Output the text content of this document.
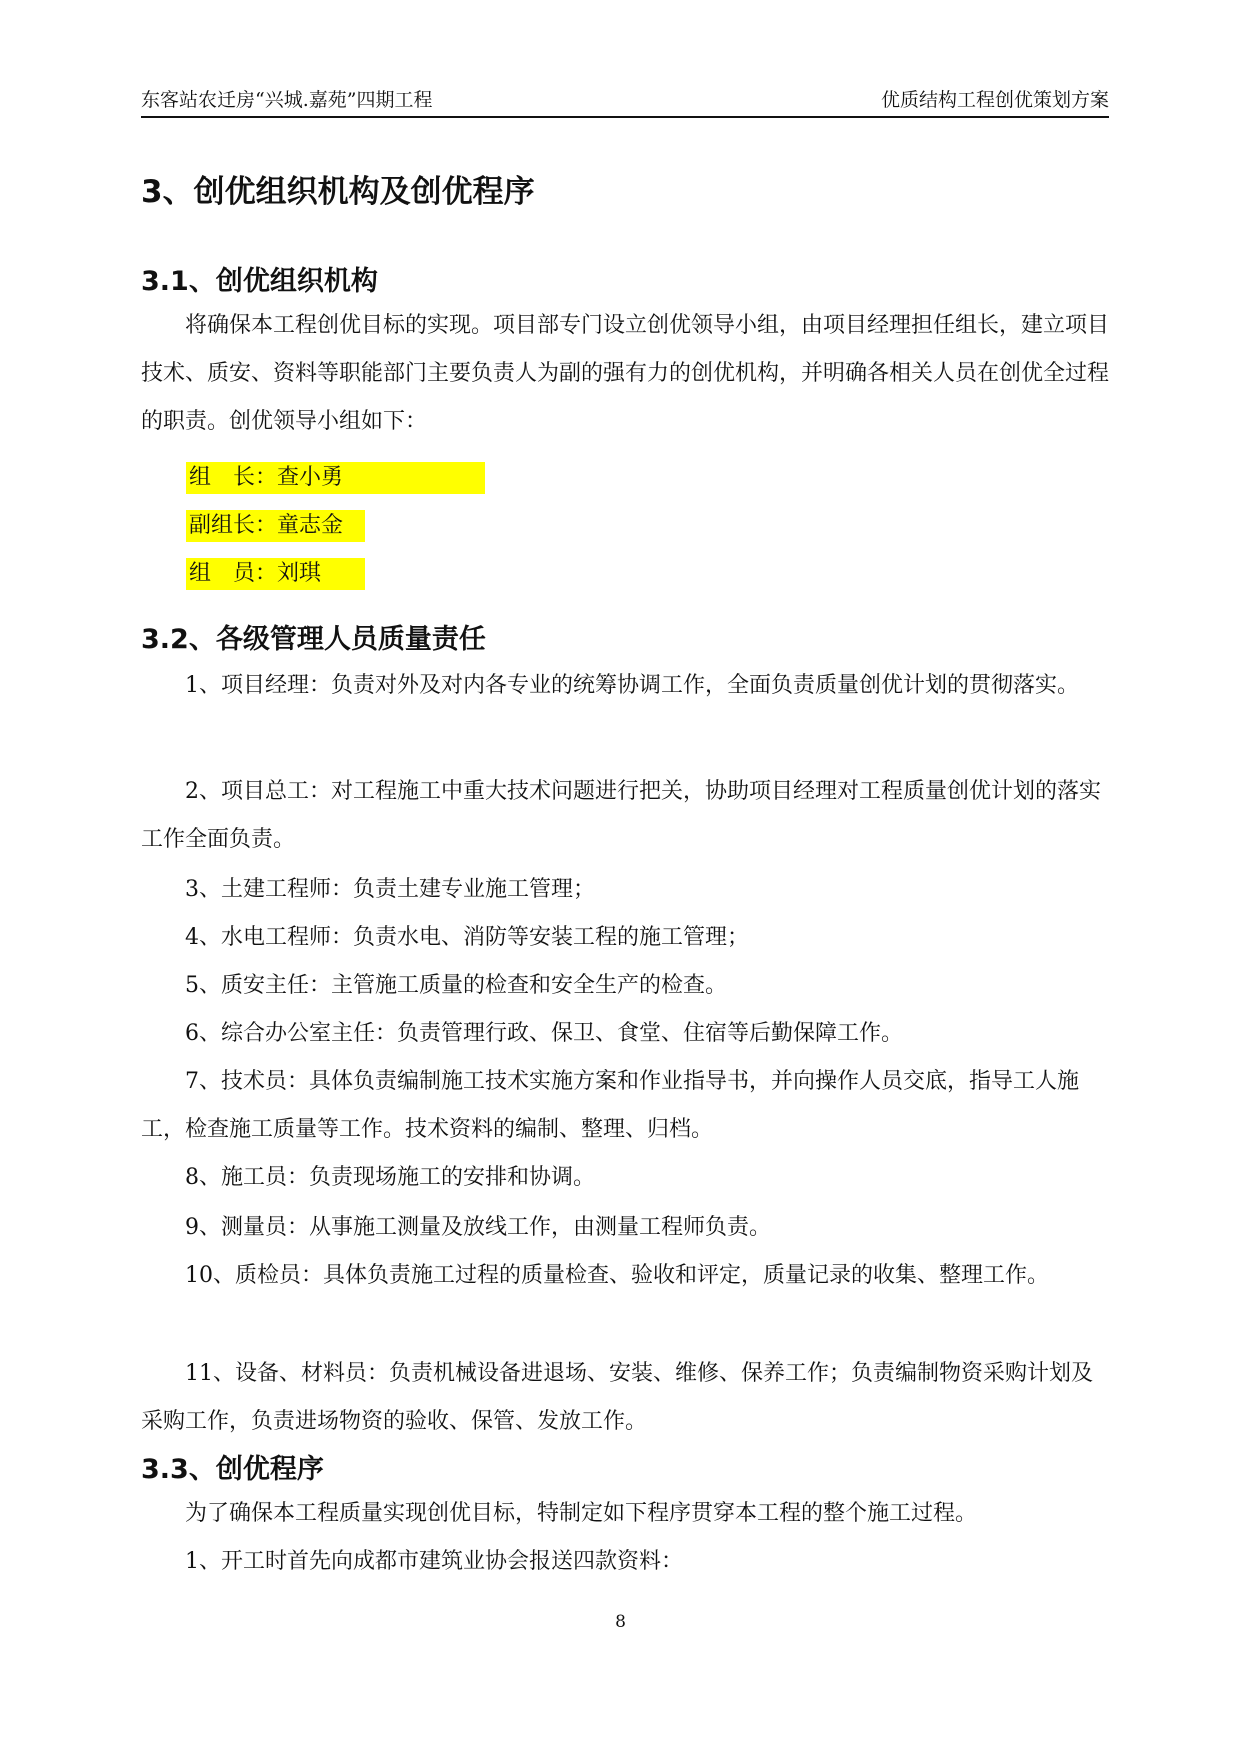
东客站农迁房“兴城.嘉苑”四期工程	优质结构工程创优策划方案
3、创优组织机构及创优程序
3.1、创优组织机构

将确保本工程创优目标的实现。项目部专门设立创优领导小组，由项目经理担任组长，建立项目技术、质安、资料等职能部门主要负责人为副的强有力的创优机构，并明确各相关人员在创优全过程的职责。创优领导小组如下：

组　长：查小勇
副组长：童志金
组　员：刘琪
3.2、各级管理人员质量责任

1、项目经理：负责对外及对内各专业的统筹协调工作，全面负责质量创优计划的贯彻落实。

2、项目总工：对工程施工中重大技术问题进行把关，协助项目经理对工程质量创优计划的落实工作全面负责。

3、土建工程师：负责土建专业施工管理；

4、水电工程师：负责水电、消防等安装工程的施工管理；

5、质安主任：主管施工质量的检查和安全生产的检查。

6、综合办公室主任：负责管理行政、保卫、食堂、住宿等后勤保障工作。

7、技术员：具体负责编制施工技术实施方案和作业指导书，并向操作人员交底，指导工人施工，检查施工质量等工作。技术资料的编制、整理、归档。

8、施工员：负责现场施工的安排和协调。

9、测量员：从事施工测量及放线工作，由测量工程师负责。

10、质检员：具体负责施工过程的质量检查、验收和评定，质量记录的收集、整理工作。

11、设备、材料员：负责机械设备进退场、安装、维修、保养工作；负责编制物资采购计划及采购工作，负责进场物资的验收、保管、发放工作。

3.3、创优程序

为了确保本工程质量实现创优目标，特制定如下程序贯穿本工程的整个施工过程。

1、开工时首先向成都市建筑业协会报送四款资料：

8
